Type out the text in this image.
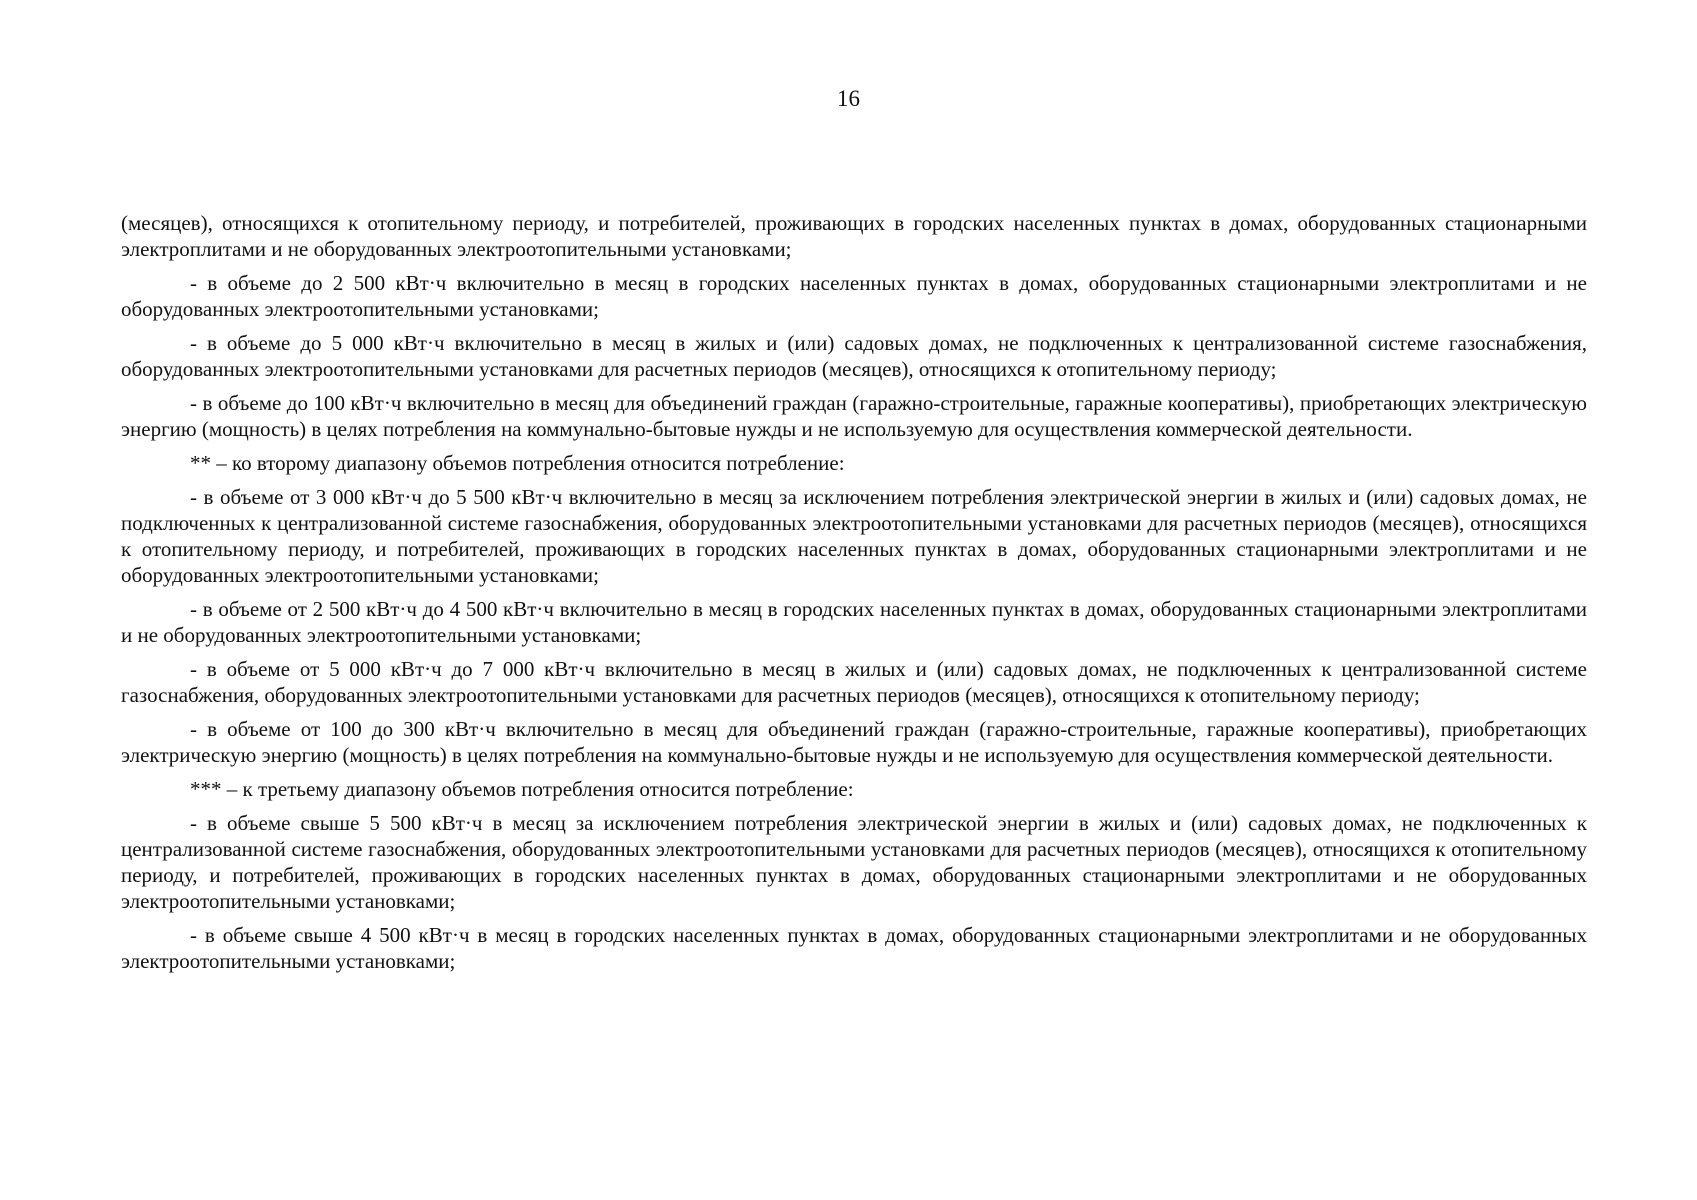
16

(месяцев), относящихся к отопительному периоду, и потребителей, проживающих в городских населенных пунктах в домах, оборудованных стационарными электроплитами и не оборудованных электроотопительными установками;

- в объеме до 2 500 кВт·ч включительно в месяц в городских населенных пунктах в домах, оборудованных стационарными электроплитами и не оборудованных электроотопительными установками;

- в объеме до 5 000 кВт·ч включительно в месяц в жилых и (или) садовых домах, не подключенных к централизованной системе газоснабжения, оборудованных электроотопительными установками для расчетных периодов (месяцев), относящихся к отопительному периоду;

- в объеме до 100 кВт·ч включительно в месяц для объединений граждан (гаражно-строительные, гаражные кооперативы), приобретающих электрическую энергию (мощность) в целях потребления на коммунально-бытовые нужды и не используемую для осуществления коммерческой деятельности.

** – ко второму диапазону объемов потребления относится потребление:

- в объеме от 3 000 кВт·ч до 5 500 кВт·ч включительно в месяц за исключением потребления электрической энергии в жилых и (или) садовых домах, не подключенных к централизованной системе газоснабжения, оборудованных электроотопительными установками для расчетных периодов (месяцев), относящихся к отопительному периоду, и потребителей, проживающих в городских населенных пунктах в домах, оборудованных стационарными электроплитами и не оборудованных электроотопительными установками;

- в объеме от 2 500 кВт·ч до 4 500 кВт·ч включительно в месяц в городских населенных пунктах в домах, оборудованных стационарными электроплитами и не оборудованных электроотопительными установками;

- в объеме от 5 000 кВт·ч до 7 000 кВт·ч включительно в месяц в жилых и (или) садовых домах, не подключенных к централизованной системе газоснабжения, оборудованных электроотопительными установками для расчетных периодов (месяцев), относящихся к отопительному периоду;

- в объеме от 100 до 300 кВт·ч включительно в месяц для объединений граждан (гаражно-строительные, гаражные кооперативы), приобретающих электрическую энергию (мощность) в целях потребления на коммунально-бытовые нужды и не используемую для осуществления коммерческой деятельности.

*** – к третьему диапазону объемов потребления относится потребление:

- в объеме свыше 5 500 кВт·ч в месяц за исключением потребления электрической энергии в жилых и (или) садовых домах, не подключенных к централизованной системе газоснабжения, оборудованных электроотопительными установками для расчетных периодов (месяцев), относящихся к отопительному периоду, и потребителей, проживающих в городских населенных пунктах в домах, оборудованных стационарными электроплитами и не оборудованных электроотопительными установками;

- в объеме свыше 4 500 кВт·ч в месяц в городских населенных пунктах в домах, оборудованных стационарными электроплитами и не оборудованных электроотопительными установками;
